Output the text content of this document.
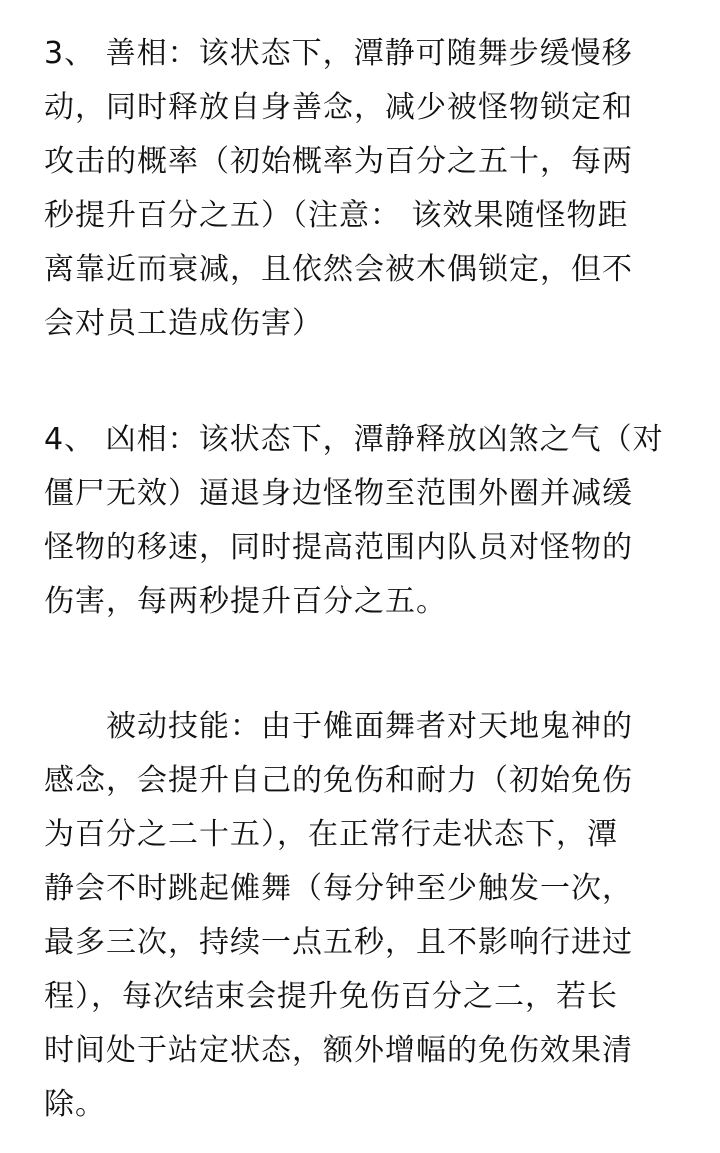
3、 善相：该状态下，潭静可随舞步缓慢移
动，同时释放自身善念，减少被怪物锁定和
攻击的概率（初始概率为百分之五十，每两
秒提升百分之五）（注意： 该效果随怪物距
离靠近而衰减，且依然会被木偶锁定，但不
会对员工造成伤害）
4、 凶相：该状态下，潭静释放凶煞之气（对
僵尸无效）逼退身边怪物至范围外圈并减缓
怪物的移速，同时提高范围内队员对怪物的
伤害，每两秒提升百分之五。
　　被动技能：由于傩面舞者对天地鬼神的
感念，会提升自己的免伤和耐力（初始免伤
为百分之二十五），在正常行走状态下，潭
静会不时跳起傩舞（每分钟至少触发一次，
最多三次，持续一点五秒，且不影响行进过
程），每次结束会提升免伤百分之二，若长
时间处于站定状态，额外增幅的免伤效果清
除。
